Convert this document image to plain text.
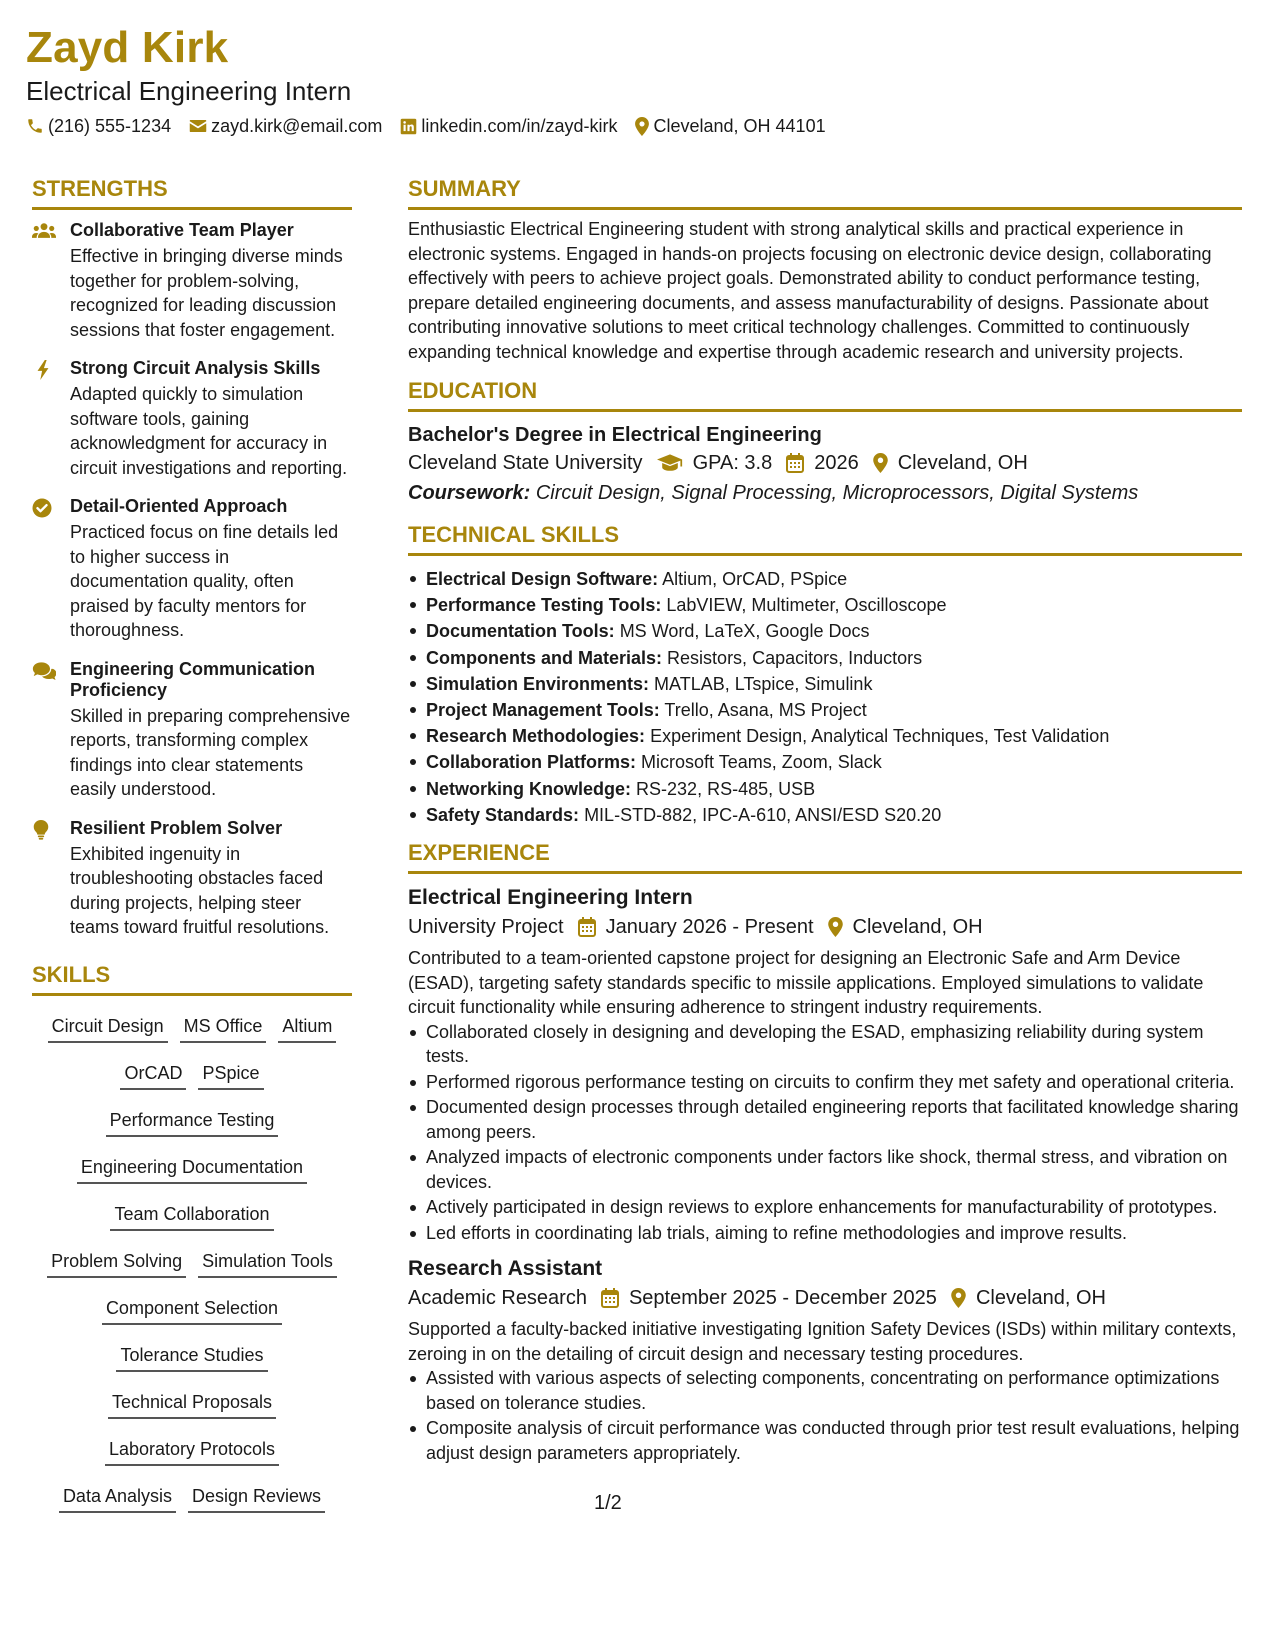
Zayd Kirk
Electrical Engineering Intern
(216) 555-1234 zayd.kirk@email.com linkedin.com/in/zayd-kirk Cleveland, OH 44101
STRENGTHS
Collaborative Team Player
Effective in bringing diverse minds together for problem-solving, recognized for leading discussion sessions that foster engagement.
Strong Circuit Analysis Skills
Adapted quickly to simulation software tools, gaining acknowledgment for accuracy in circuit investigations and reporting.
Detail-Oriented Approach
Practiced focus on fine details led to higher success in documentation quality, often praised by faculty mentors for thoroughness.
Engineering Communication Proficiency
Skilled in preparing comprehensive reports, transforming complex findings into clear statements easily understood.
Resilient Problem Solver
Exhibited ingenuity in troubleshooting obstacles faced during projects, helping steer teams toward fruitful resolutions.
SKILLS
Circuit Design MS Office Altium
OrCAD PSpice
Performance Testing
Engineering Documentation
Team Collaboration
Problem Solving Simulation Tools
Component Selection
Tolerance Studies
Technical Proposals
Laboratory Protocols
Data Analysis Design Reviews
SUMMARY
Enthusiastic Electrical Engineering student with strong analytical skills and practical experience in electronic systems. Engaged in hands-on projects focusing on electronic device design, collaborating effectively with peers to achieve project goals. Demonstrated ability to conduct performance testing, prepare detailed engineering documents, and assess manufacturability of designs. Passionate about contributing innovative solutions to meet critical technology challenges. Committed to continuously expanding technical knowledge and expertise through academic research and university projects.
EDUCATION
Bachelor's Degree in Electrical Engineering
Cleveland State University	GPA: 3.8 2026 Cleveland, OH
Coursework: Circuit Design, Signal Processing, Microprocessors, Digital Systems
TECHNICAL SKILLS
Electrical Design Software: Altium, OrCAD, PSpice
Performance Testing Tools: LabVIEW, Multimeter, Oscilloscope
Documentation Tools: MS Word, LaTeX, Google Docs
Components and Materials: Resistors, Capacitors, Inductors
Simulation Environments: MATLAB, LTspice, Simulink
Project Management Tools: Trello, Asana, MS Project
Research Methodologies: Experiment Design, Analytical Techniques, Test Validation
Collaboration Platforms: Microsoft Teams, Zoom, Slack
Networking Knowledge: RS-232, RS-485, USB
Safety Standards: MIL-STD-882, IPC-A-610, ANSI/ESD S20.20
EXPERIENCE
Electrical Engineering Intern
University Project January 2026 - Present Cleveland, OH
Contributed to a team-oriented capstone project for designing an Electronic Safe and Arm Device (ESAD), targeting safety standards specific to missile applications. Employed simulations to validate circuit functionality while ensuring adherence to stringent industry requirements.
Collaborated closely in designing and developing the ESAD, emphasizing reliability during system tests.
Performed rigorous performance testing on circuits to confirm they met safety and operational criteria.
Documented design processes through detailed engineering reports that facilitated knowledge sharing among peers.
Analyzed impacts of electronic components under factors like shock, thermal stress, and vibration on devices.
Actively participated in design reviews to explore enhancements for manufacturability of prototypes.
Led efforts in coordinating lab trials, aiming to refine methodologies and improve results.
Research Assistant
Academic Research September 2025 - December 2025 Cleveland, OH
Supported a faculty-backed initiative investigating Ignition Safety Devices (ISDs) within military contexts, zeroing in on the detailing of circuit design and necessary testing procedures.
Assisted with various aspects of selecting components, concentrating on performance optimizations based on tolerance studies.
Composite analysis of circuit performance was conducted through prior test result evaluations, helping adjust design parameters appropriately.
1/2
